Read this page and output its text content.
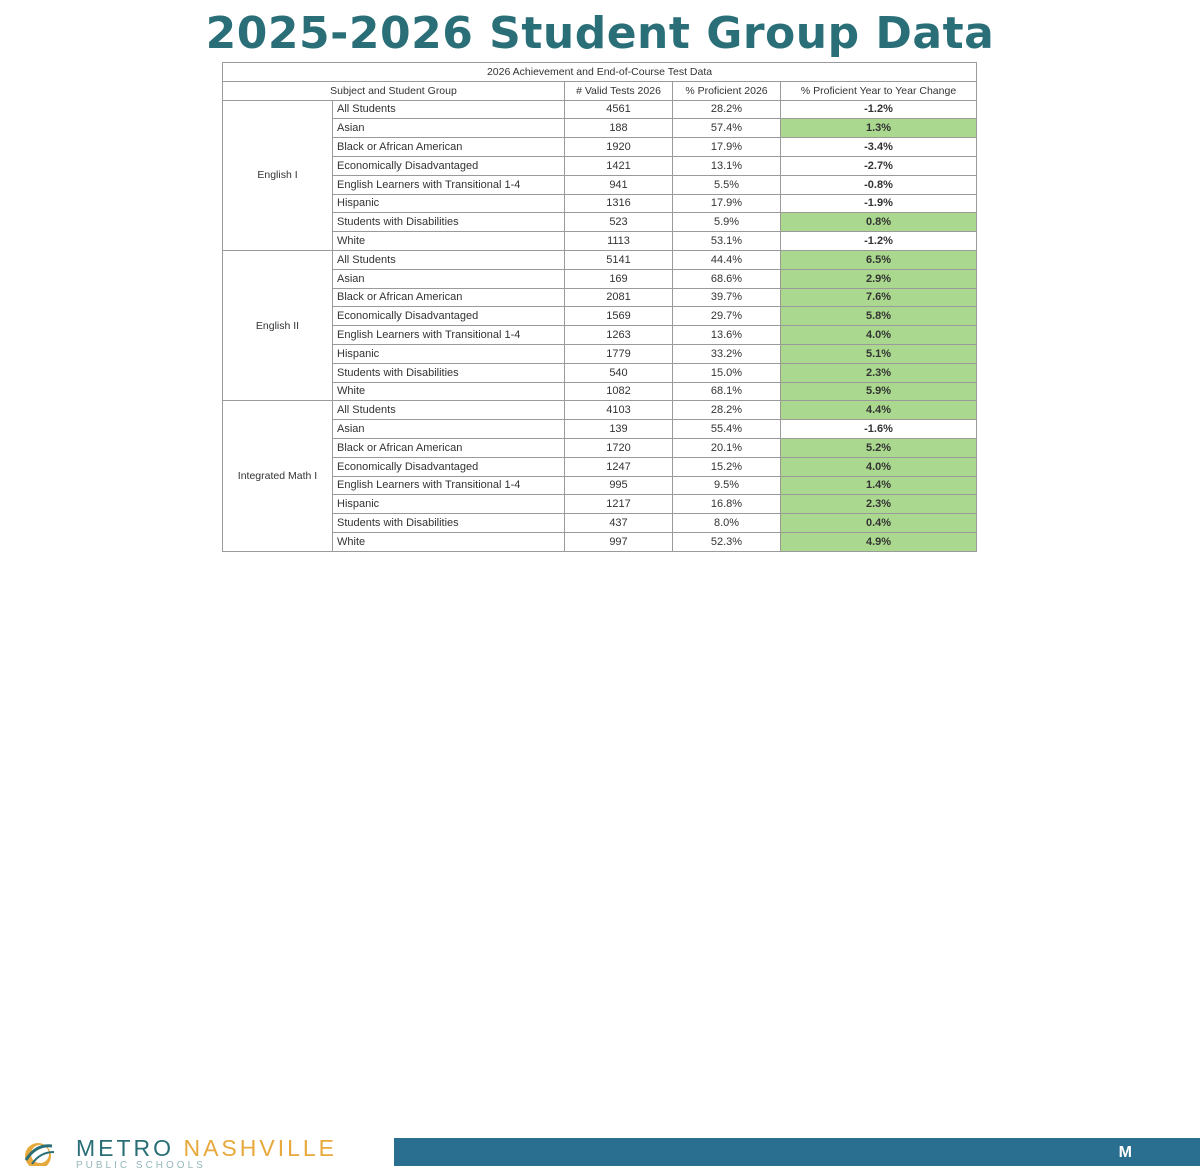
2025-2026 Student Group Data
2026 Achievement and End-of-Course Test Data				
Subject and Student Group		# Valid Tests 2026	% Proficient 2026	% Proficient Year to Year Change
English I	All Students	4561	28.2%	-1.2%
	Asian	188	57.4%	1.3%
	Black or African American	1920	17.9%	-3.4%
	Economically Disadvantaged	1421	13.1%	-2.7%
	English Learners with Transitional 1-4	941	5.5%	-0.8%
	Hispanic	1316	17.9%	-1.9%
	Students with Disabilities	523	5.9%	0.8%
	White	1113	53.1%	-1.2%
English II	All Students	5141	44.4%	6.5%
	Asian	169	68.6%	2.9%
	Black or African American	2081	39.7%	7.6%
	Economically Disadvantaged	1569	29.7%	5.8%
	English Learners with Transitional 1-4	1263	13.6%	4.0%
	Hispanic	1779	33.2%	5.1%
	Students with Disabilities	540	15.0%	2.3%
	White	1082	68.1%	5.9%
Integrated Math I	All Students	4103	28.2%	4.4%
	Asian	139	55.4%	-1.6%
	Black or African American	1720	20.1%	5.2%
	Economically Disadvantaged	1247	15.2%	4.0%
	English Learners with Transitional 1-4	995	9.5%	1.4%
	Hispanic	1217	16.8%	2.3%
	Students with Disabilities	437	8.0%	0.4%
	White	997	52.3%	4.9%
METRO NASHVILLE
PUBLIC SCHOOLS
M
